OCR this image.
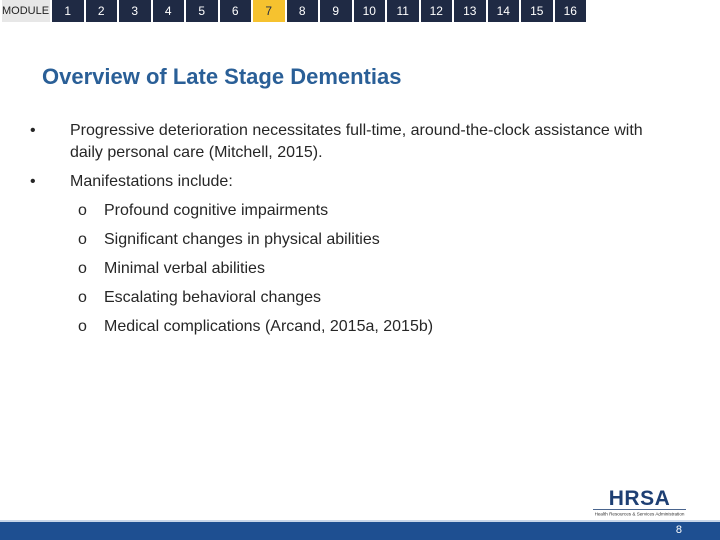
MODULE	1	2	3	4	5	6	7	8	9	10	11	12	13	14	15	16
Overview of Late Stage Dementias
• Progressive deterioration necessitates full-time, around-the-clock assistance with daily personal care (Mitchell, 2015).
• Manifestations include:
o Profound cognitive impairments
o Significant changes in physical abilities
o Minimal verbal abilities
o Escalating behavioral changes
o Medical complications (Arcand, 2015a, 2015b)
HRSA
Health Resources & Services Administration
8
